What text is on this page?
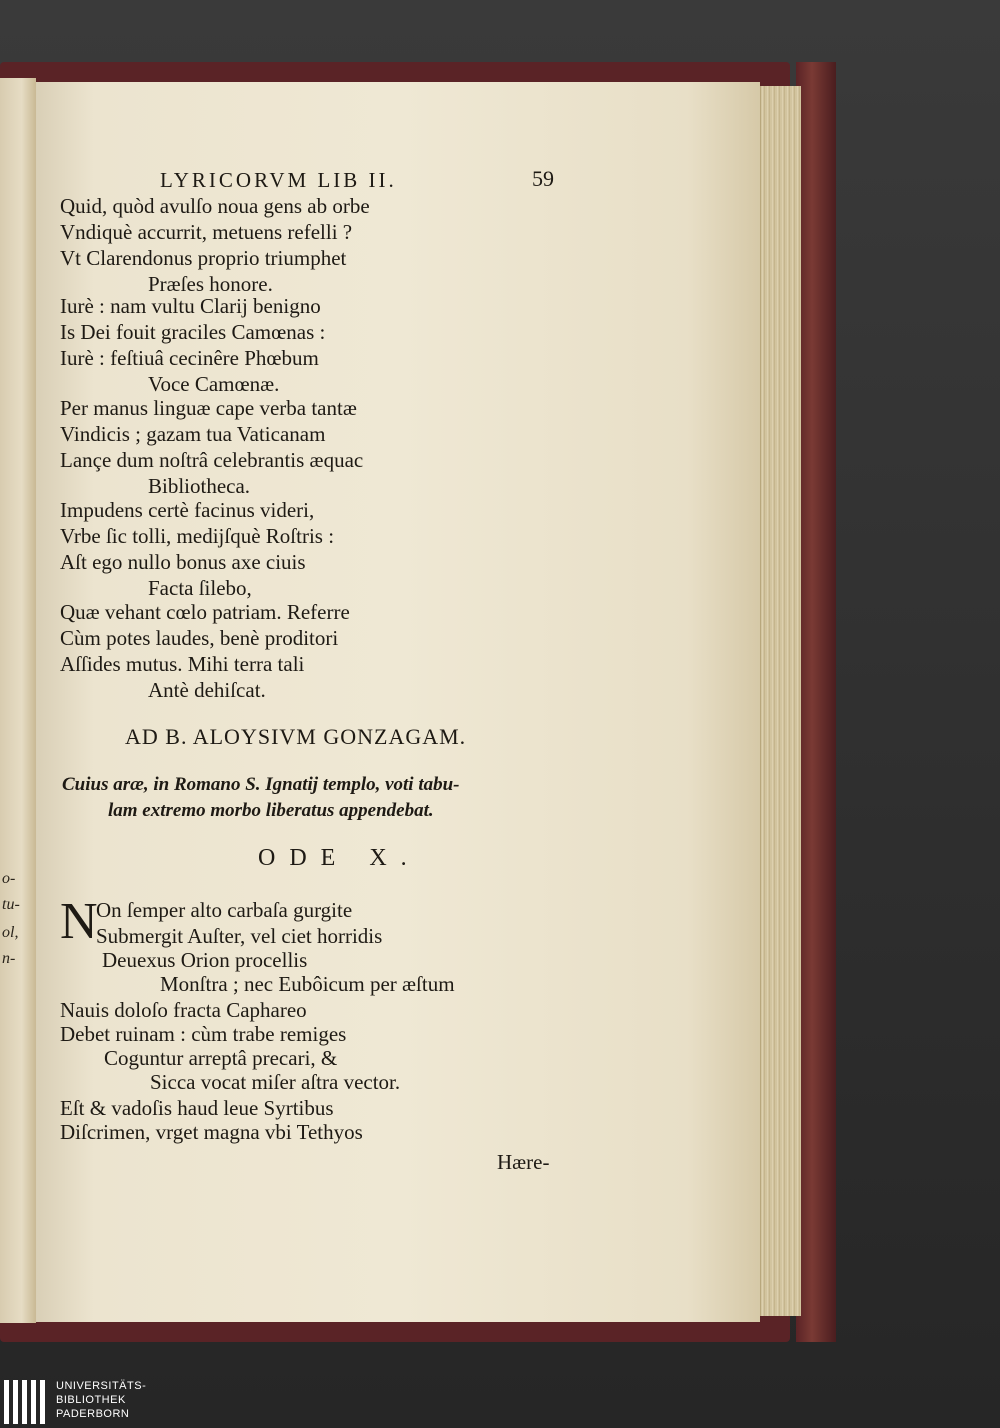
o-
tu-
ol,
n-
LYRICORVM LIB II.	59
Quid, quòd avulſo noua gens ab orbe
Vndiquè accurrit, metuens refelli ?
Vt Clarendonus proprio triumphet
Præſes honore.
Iurè : nam vultu Clarij benigno
Is Dei fouit graciles Camœnas :
Iurè : feſtiuâ cecinêre Phœbum
Voce Camœnæ.
Per manus linguæ cape verba tantæ
Vindicis ; gazam tua Vaticanam
Lançe dum noſtrâ celebrantis æquac
Bibliotheca.
Impudens certè facinus videri,
Vrbe ſic tolli, medijſquè Roſtris :
Aſt ego nullo bonus axe ciuis
Facta ſilebo,
Quæ vehant cœlo patriam. Referre
Cùm potes laudes, benè proditori
Aſſides mutus. Mihi terra tali
Antè dehiſcat.
AD B. ALOYSIVM GONZAGAM.
Cuius aræ, in Romano S. Ignatij templo, voti tabu-
lam extremo morbo liberatus appendebat.
ODE X.
N
On ſemper alto carbaſa gurgite
Submergit Auſter, vel ciet horridis
Deuexus Orion procellis
Monſtra ; nec Eubôicum per æſtum
Nauis doloſo fracta Caphareo
Debet ruinam : cùm trabe remiges
Coguntur arreptâ precari, &
Sicca vocat miſer aſtra vector.
Eſt & vadoſis haud leue Syrtibus
Diſcrimen, vrget magna vbi Tethyos
Hære-
UNIVERSITÄTS-
BIBLIOTHEK
PADERBORN
